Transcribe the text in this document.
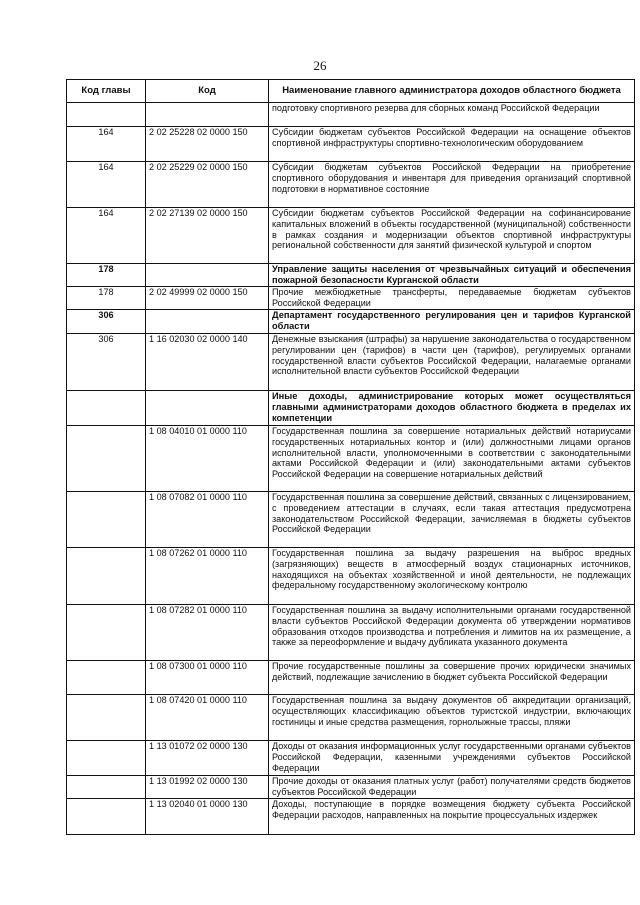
26
Код главы	Код	Наименование главного администратора доходов областного бюджета
		подготовку спортивного резерва для сборных команд Российской Федерации
164	2 02 25228 02 0000 150	Субсидии бюджетам субъектов Российской Федерации на оснащение объектов спортивной инфраструктуры спортивно-технологическим оборудованием
164	2 02 25229 02 0000 150	Субсидии бюджетам субъектов Российской Федерации на приобретение спортивного оборудования и инвентаря для приведения организаций спортивной подготовки в нормативное состояние
164	2 02 27139 02 0000 150	Субсидии бюджетам субъектов Российской Федерации на софинансирование капитальных вложений в объекты государственной (муниципальной) собственности в рамках создания и модернизации объектов спортивной инфраструктуры региональной собственности для занятий физической культурой и спортом
178		Управление защиты населения от чрезвычайных ситуаций и обеспечения пожарной безопасности Курганской области
178	2 02 49999 02 0000 150	Прочие межбюджетные трансферты, передаваемые бюджетам субъектов Российской Федерации
306		Департамент государственного регулирования цен и тарифов Курганской области
306	1 16 02030 02 0000 140	Денежные взыскания (штрафы) за нарушение законодательства о государственном регулировании цен (тарифов) в части цен (тарифов), регулируемых органами государственной власти субъектов Российской Федерации, налагаемые органами исполнительной власти субъектов Российской Федерации
		Иные доходы, администрирование которых может осуществляться главными администраторами доходов областного бюджета в пределах их компетенции
	1 08 04010 01 0000 110	Государственная пошлина за совершение нотариальных действий нотариусами государственных нотариальных контор и (или) должностными лицами органов исполнительной власти, уполномоченными в соответствии с законодательными актами Российской Федерации и (или) законодательными актами субъектов Российской Федерации на совершение нотариальных действий
	1 08 07082 01 0000 110	Государственная пошлина за совершение действий, связанных с лицензированием, с проведением аттестации в случаях, если такая аттестация предусмотрена законодательством Российской Федерации, зачисляемая в бюджеты субъектов Российской Федерации
	1 08 07262 01 0000 110	Государственная пошлина за выдачу разрешения на выброс вредных (загрязняющих) веществ в атмосферный воздух стационарных источников, находящихся на объектах хозяйственной и иной деятельности, не подлежащих федеральному государственному экологическому контролю
	1 08 07282 01 0000 110	Государственная пошлина за выдачу исполнительными органами государственной власти субъектов Российской Федерации документа об утверждении нормативов образования отходов производства и потребления и лимитов на их размещение, а также за переоформление и выдачу дубликата указанного документа
	1 08 07300 01 0000 110	Прочие государственные пошлины за совершение прочих юридически значимых действий, подлежащие зачислению в бюджет субъекта Российской Федерации
	1 08 07420 01 0000 110	Государственная пошлина за выдачу документов об аккредитации организаций, осуществляющих классификацию объектов туристской индустрии, включающих гостиницы и иные средства размещения, горнолыжные трассы, пляжи
	1 13 01072 02 0000 130	Доходы от оказания информационных услуг государственными органами субъектов Российской Федерации, казенными учреждениями субъектов Российской Федерации
	1 13 01992 02 0000 130	Прочие доходы от оказания платных услуг (работ) получателями средств бюджетов субъектов Российской Федерации
	1 13 02040 01 0000 130	Доходы, поступающие в порядке возмещения бюджету субъекта Российской Федерации расходов, направленных на покрытие процессуальных издержек
